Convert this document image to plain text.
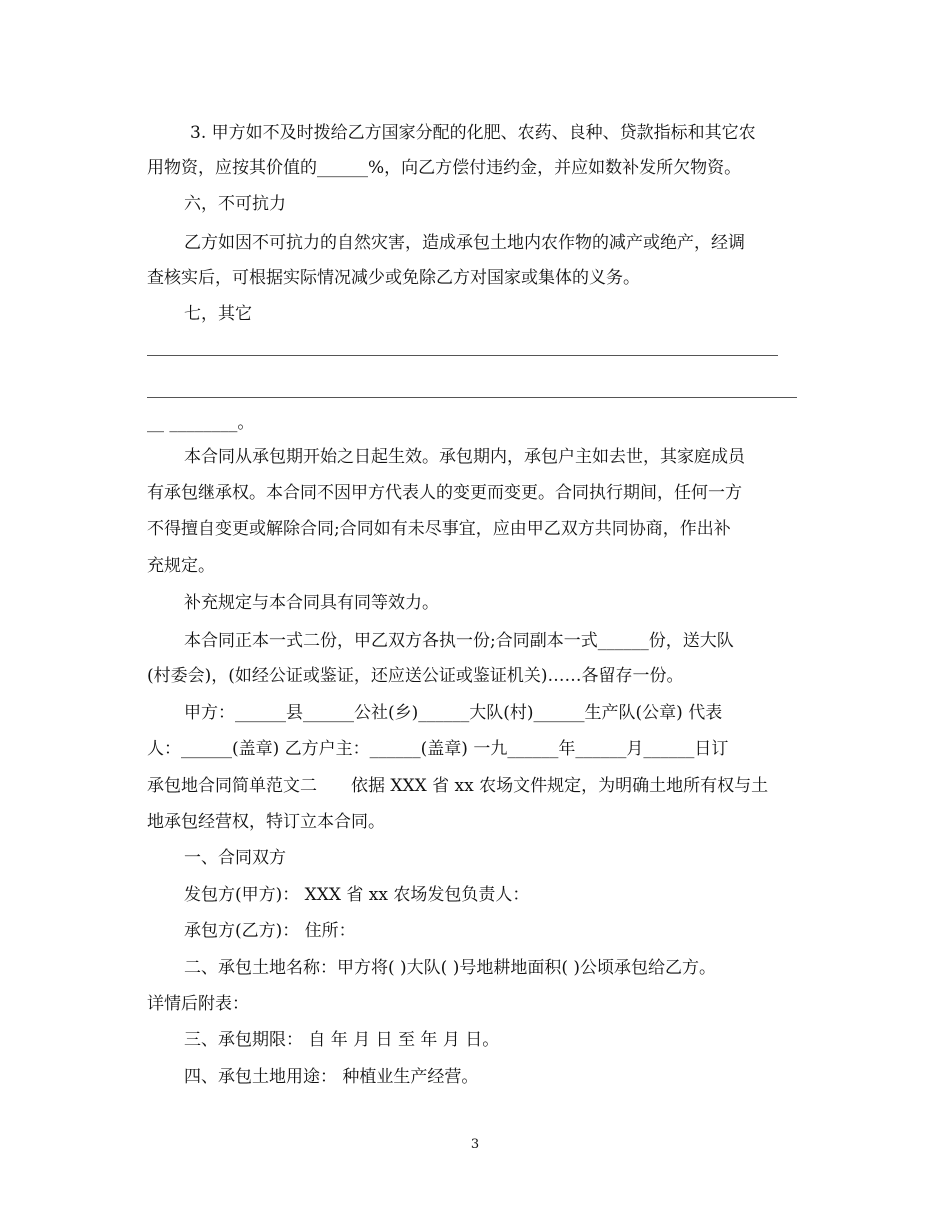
3. 甲方如不及时拨给乙方国家分配的化肥、农药、良种、贷款指标和其它农
用物资，应按其价值的______%，向乙方偿付违约金，并应如数补发所欠物资。
六，不可抗力
乙方如因不可抗力的自然灾害，造成承包土地内农作物的减产或绝产，经调
查核实后，可根据实际情况减少或免除乙方对国家或集体的义务。
七，其它
__ ________。
本合同从承包期开始之日起生效。承包期内，承包户主如去世，其家庭成员
有承包继承权。本合同不因甲方代表人的变更而变更。合同执行期间，任何一方
不得擅自变更或解除合同;合同如有未尽事宜，应由甲乙双方共同协商，作出补
充规定。
补充规定与本合同具有同等效力。
本合同正本一式二份，甲乙双方各执一份;合同副本一式______份，送大队
(村委会)，(如经公证或鉴证，还应送公证或鉴证机关)……各留存一份。
甲方：______县______公社(乡)______大队(村)______生产队(公章) 代表
人：______(盖章) 乙方户主：______(盖章) 一九______年______月______日订
承包地合同简单范文二　　依据 XXX 省 xx 农场文件规定，为明确土地所有权与土
地承包经营权，特订立本合同。
一、合同双方
发包方(甲方)： XXX 省 xx 农场发包负责人：
承包方(乙方)： 住所：
二、承包土地名称：甲方将( )大队( )号地耕地面积( )公顷承包给乙方。
详情后附表：
三、承包期限： 自 年 月 日 至 年 月 日。
四、承包土地用途： 种植业生产经营。
3
